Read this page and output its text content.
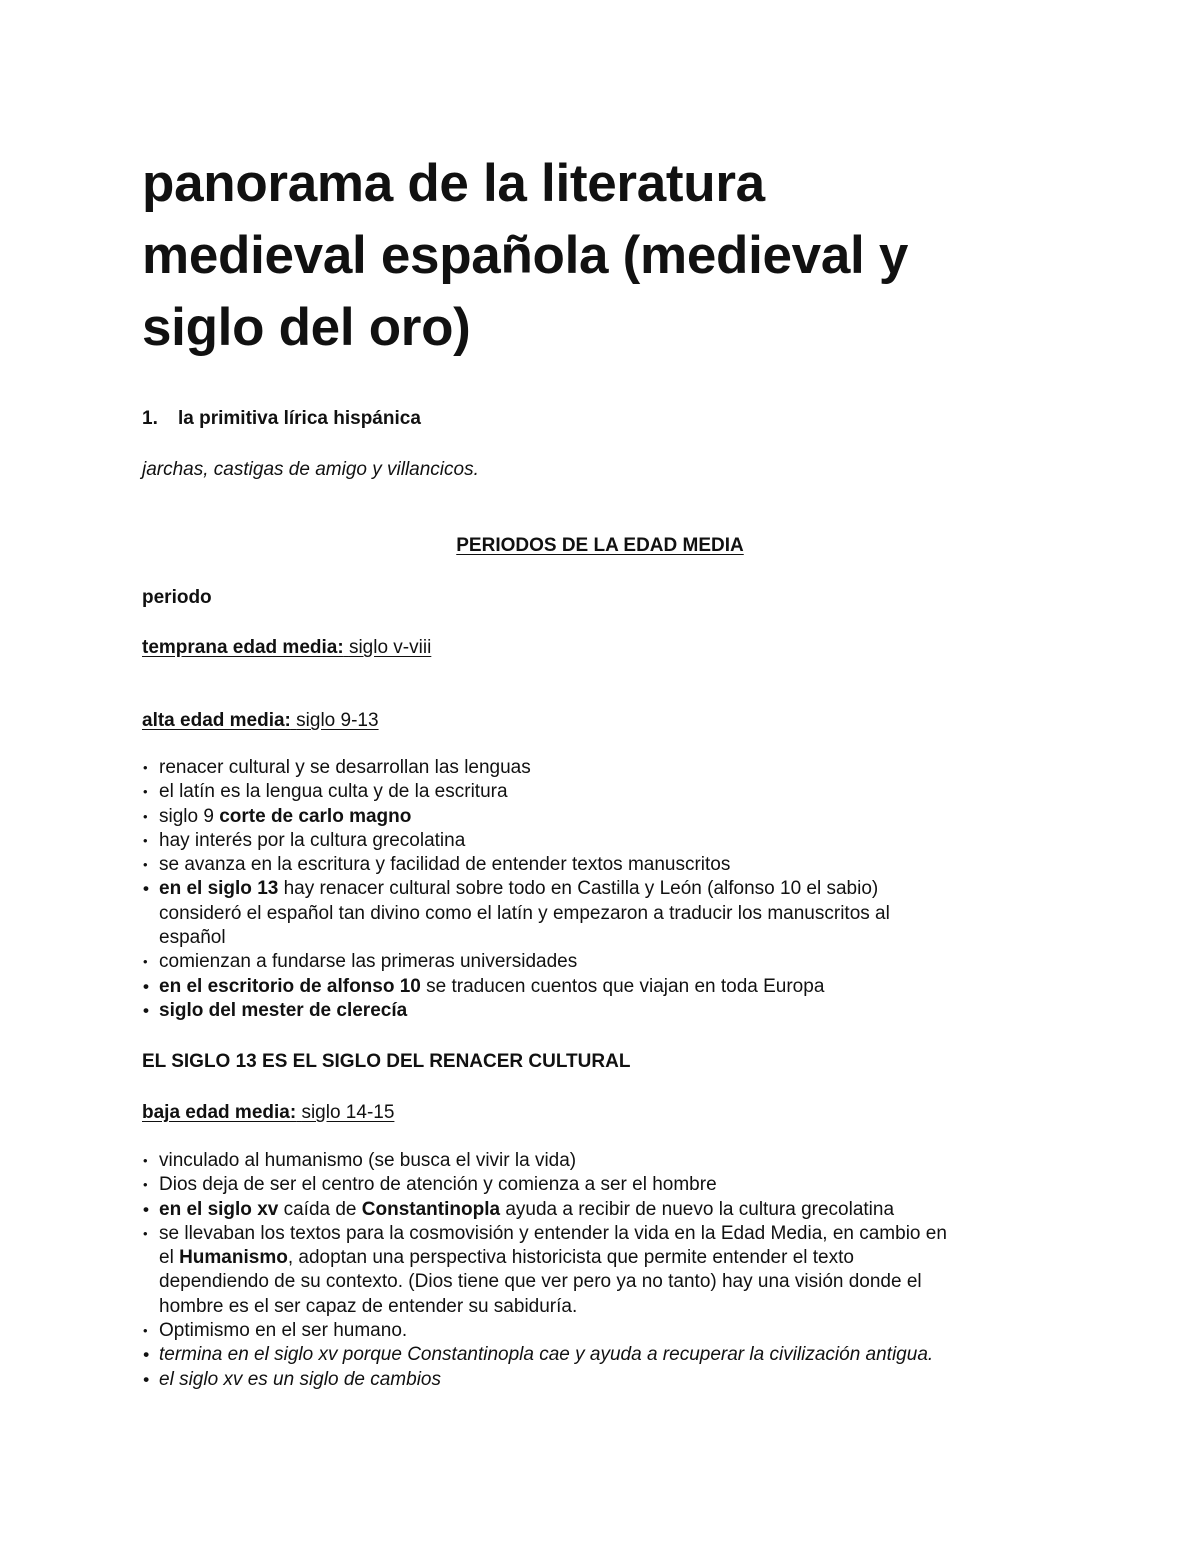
panorama de la literatura
medieval española (medieval y
siglo del oro)

1. la primitiva lírica hispánica

jarchas, castigas de amigo y villancicos.

PERIODOS DE LA EDAD MEDIA

periodo

temprana edad media: siglo v-viii

alta edad media: siglo 9-13

• renacer cultural y se desarrollan las lenguas
• el latín es la lengua culta y de la escritura
• siglo 9 corte de carlo magno
• hay interés por la cultura grecolatina
• se avanza en la escritura y facilidad de entender textos manuscritos
• en el siglo 13 hay renacer cultural sobre todo en Castilla y León (alfonso 10 el sabio)
consideró el español tan divino como el latín y empezaron a traducir los manuscritos al
español
• comienzan a fundarse las primeras universidades
• en el escritorio de alfonso 10 se traducen cuentos que viajan en toda Europa
• siglo del mester de clerecía

EL SIGLO 13 ES EL SIGLO DEL RENACER CULTURAL

baja edad media: siglo 14-15

• vinculado al humanismo (se busca el vivir la vida)
• Dios deja de ser el centro de atención y comienza a ser el hombre
• en el siglo xv caída de Constantinopla ayuda a recibir de nuevo la cultura grecolatina
• se llevaban los textos para la cosmovisión y entender la vida en la Edad Media, en cambio en
el Humanismo, adoptan una perspectiva historicista que permite entender el texto
dependiendo de su contexto. (Dios tiene que ver pero ya no tanto) hay una visión donde el
hombre es el ser capaz de entender su sabiduría.
• Optimismo en el ser humano.
• termina en el siglo xv porque Constantinopla cae y ayuda a recuperar la civilización antigua.
• el siglo xv es un siglo de cambios
